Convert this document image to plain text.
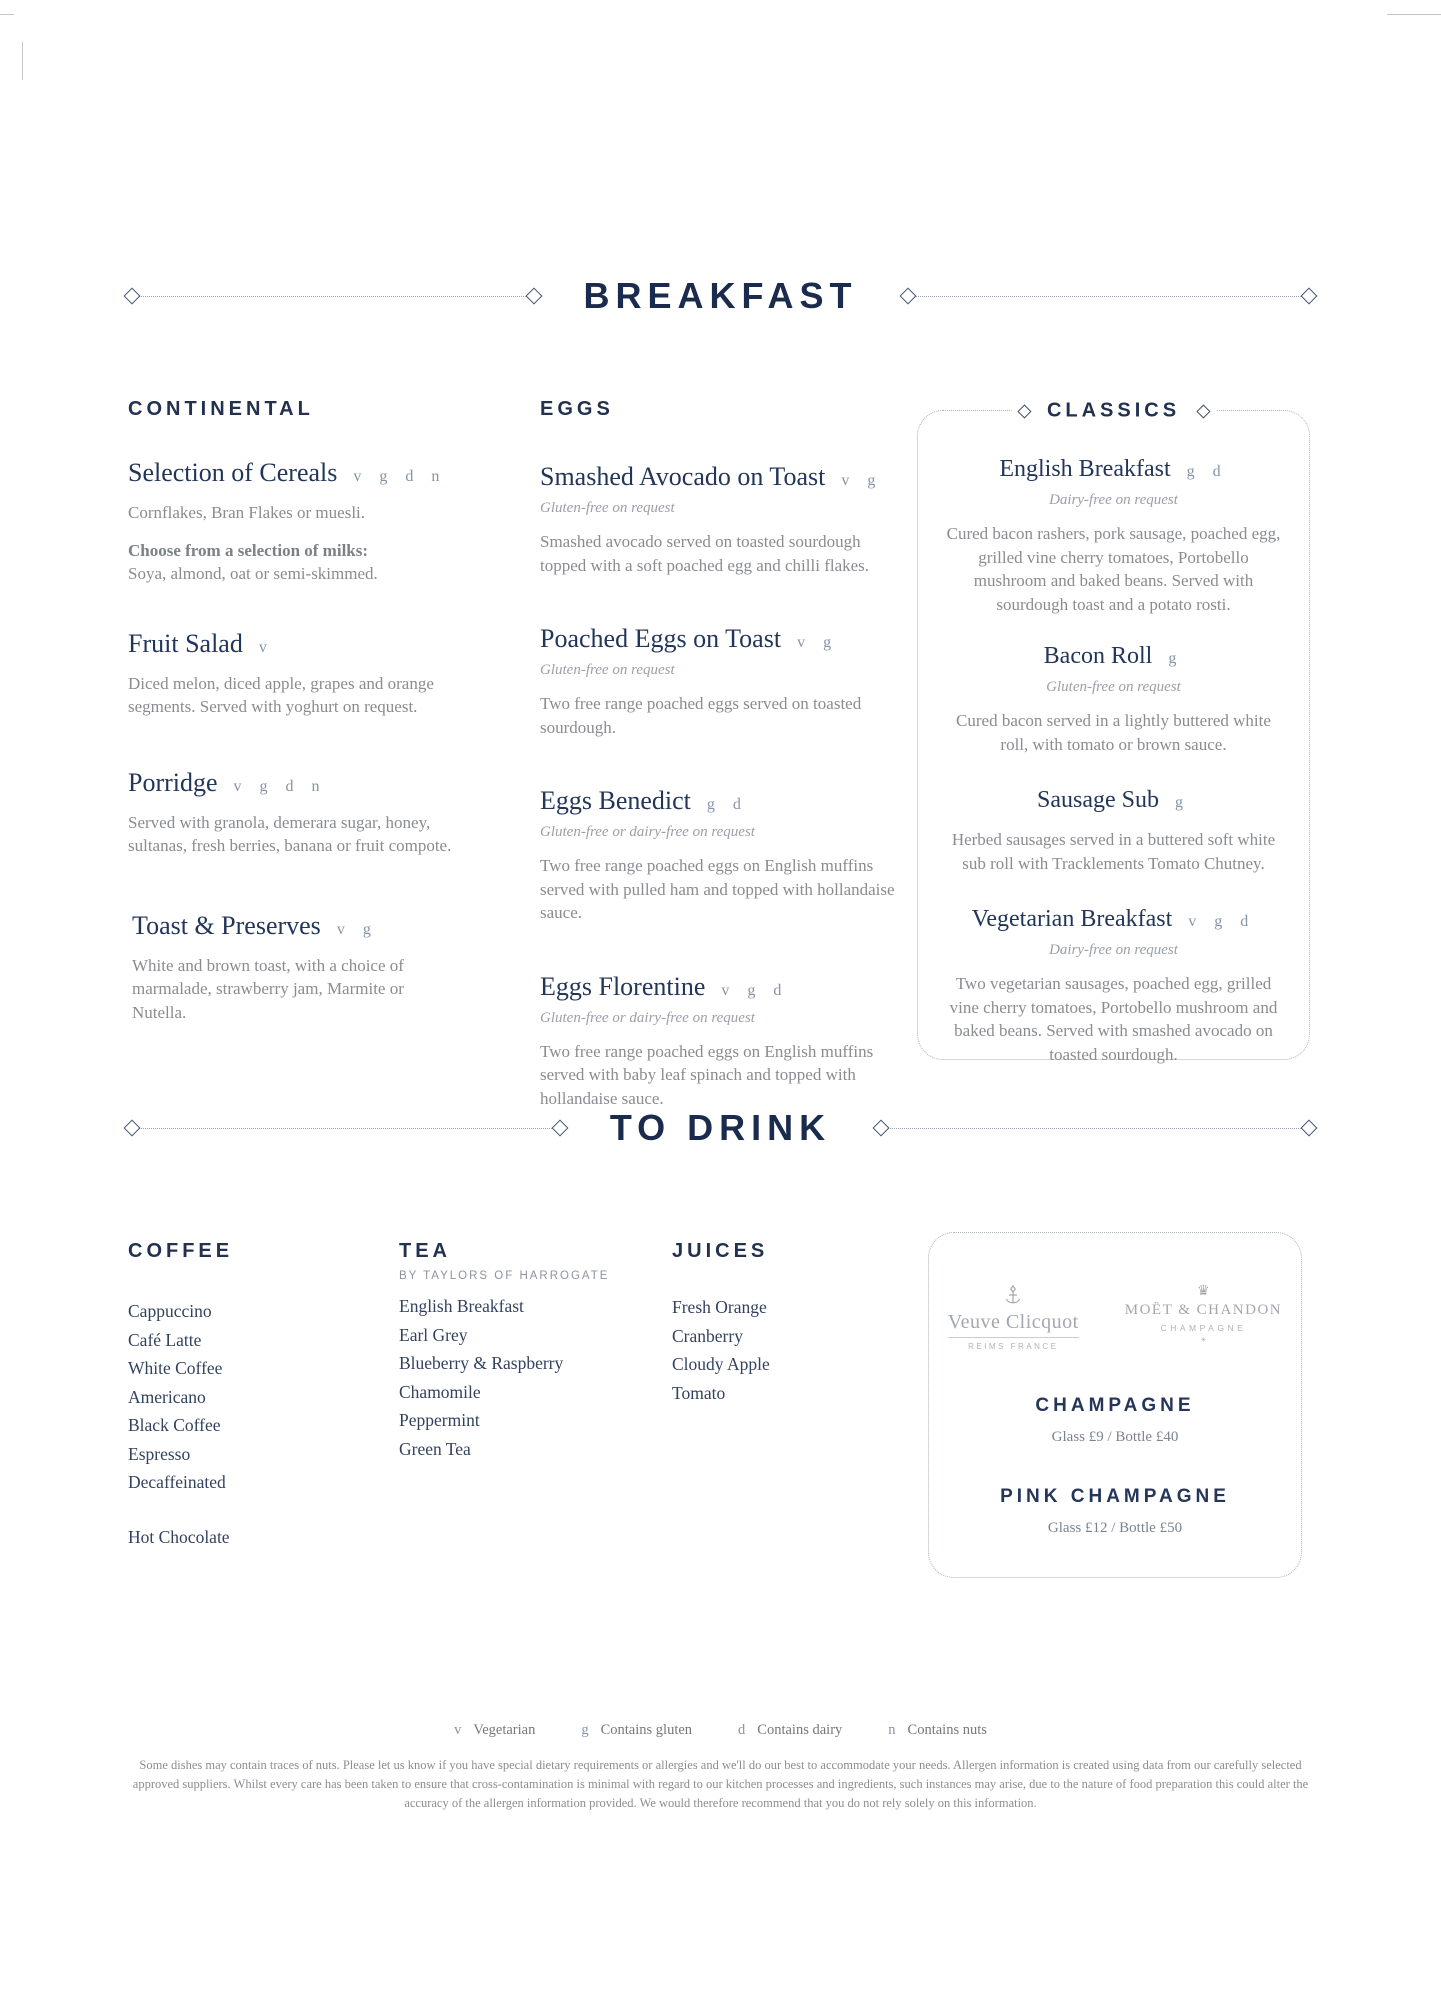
BREAKFAST
CONTINENTAL
Selection of Cereals v g d n

Cornflakes, Bran Flakes or muesli.

Choose from a selection of milks:
Soya, almond, oat or semi-skimmed.

Fruit Salad v

Diced melon, diced apple, grapes and orange segments. Served with yoghurt on request.

Porridge v g d n

Served with granola, demerara sugar, honey, sultanas, fresh berries, banana or fruit compote.

Toast & Preserves v g

White and brown toast, with a choice of marmalade, strawberry jam, Marmite or Nutella.

EGGS
Smashed Avocado on Toast v g

Gluten-free on request

Smashed avocado served on toasted sourdough topped with a soft poached egg and chilli flakes.

Poached Eggs on Toast v g

Gluten-free on request

Two free range poached eggs served on toasted sourdough.

Eggs Benedict g d

Gluten-free or dairy-free on request

Two free range poached eggs on English muffins served with pulled ham and topped with hollandaise sauce.

Eggs Florentine v g d

Gluten-free or dairy-free on request

Two free range poached eggs on English muffins served with baby leaf spinach and topped with hollandaise sauce.

CLASSICS
English Breakfast g d

Dairy-free on request

Cured bacon rashers, pork sausage, poached egg, grilled vine cherry tomatoes, Portobello mushroom and baked beans. Served with sourdough toast and a potato rosti.

Bacon Roll g

Gluten-free on request

Cured bacon served in a lightly buttered white roll, with tomato or brown sauce.

Sausage Sub g

Herbed sausages served in a buttered soft white sub roll with Tracklements Tomato Chutney.

Vegetarian Breakfast v g d

Dairy-free on request

Two vegetarian sausages, poached egg, grilled vine cherry tomatoes, Portobello mushroom and baked beans. Served with smashed avocado on toasted sourdough.

TO DRINK
COFFEE
Cappuccino
Café Latte
White Coffee
Americano
Black Coffee
Espresso
Decaffeinated
Hot Chocolate
TEA
BY TAYLORS OF HARROGATE
English Breakfast
Earl Grey
Blueberry & Raspberry
Chamomile
Peppermint
Green Tea
JUICES
Fresh Orange
Cranberry
Cloudy Apple
Tomato
Veuve Clicquot
REIMS FRANCE
♛
MOËT & CHANDON
CHAMPAGNE
✳
CHAMPAGNE

Glass £9 / Bottle £40

PINK CHAMPAGNE

Glass £12 / Bottle £50

v Vegetarian	g Contains gluten	d Contains dairy	n Contains nuts

Some dishes may contain traces of nuts. Please let us know if you have special dietary requirements or allergies and we'll do our best to accommodate your needs. Allergen information is created using data from our carefully selected approved suppliers. Whilst every care has been taken to ensure that cross-contamination is minimal with regard to our kitchen processes and ingredients, such instances may arise, due to the nature of food preparation this could alter the accuracy of the allergen information provided. We would therefore recommend that you do not rely solely on this information.
